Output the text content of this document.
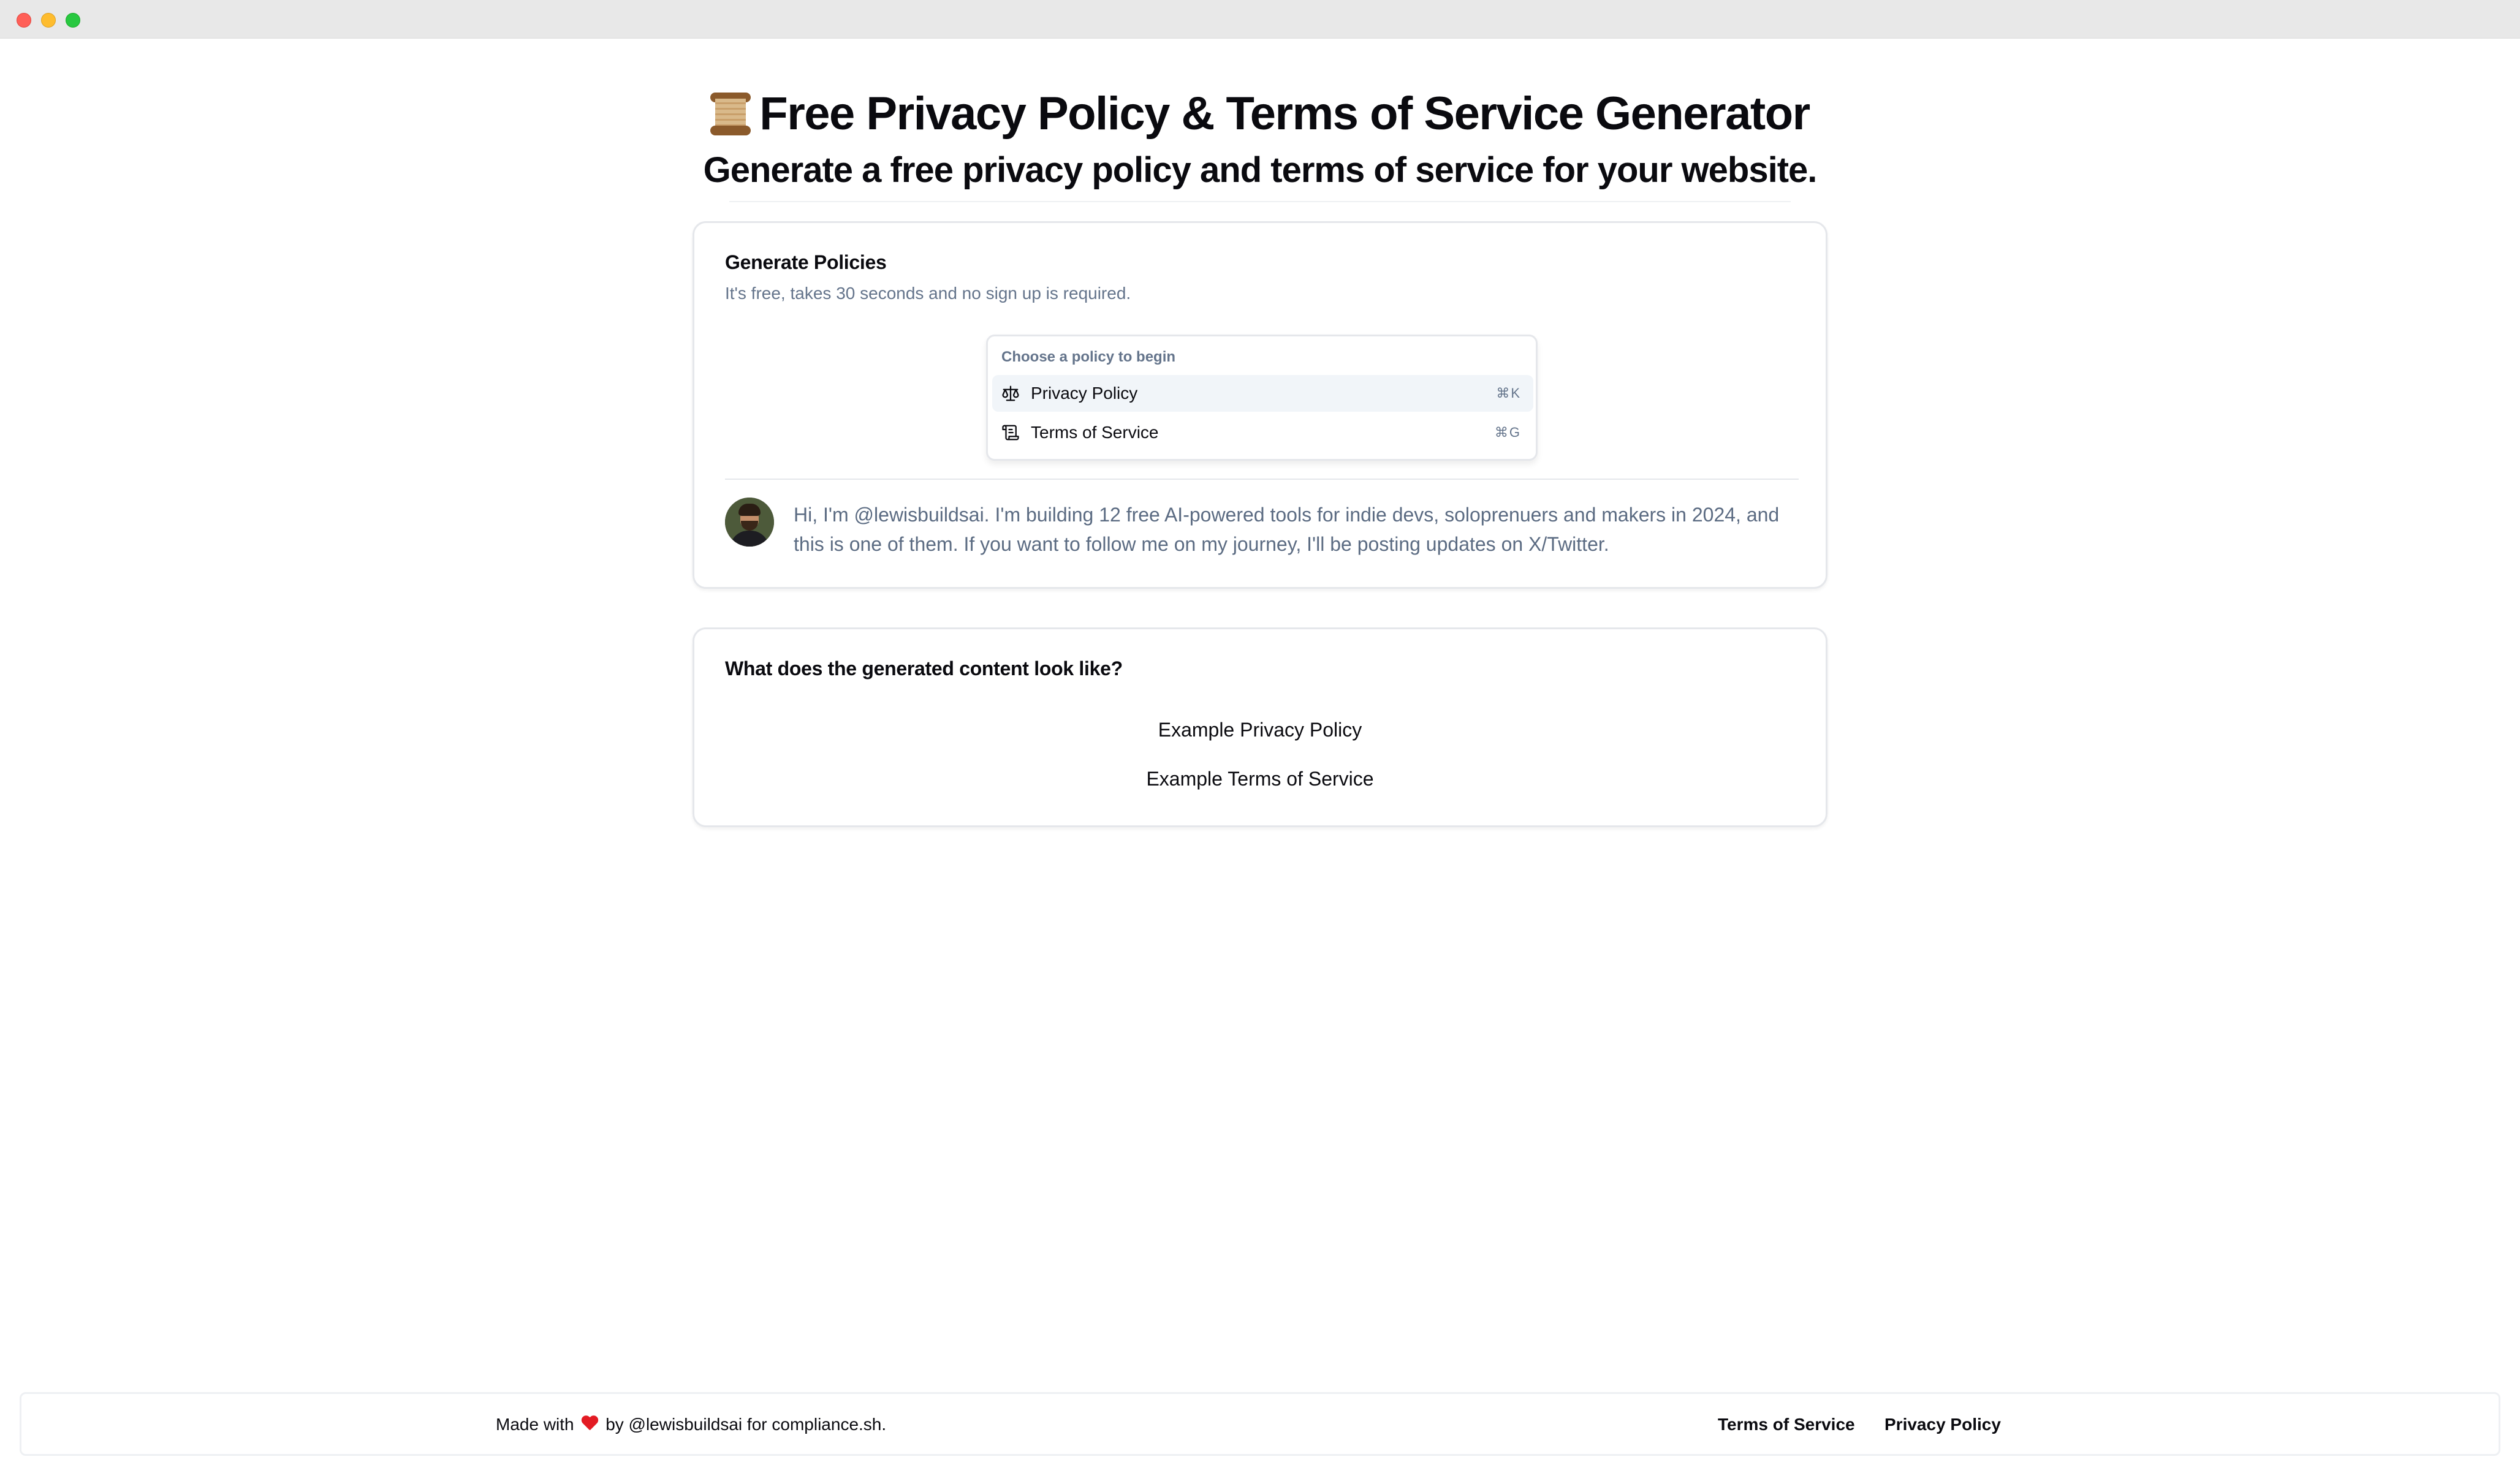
Free Privacy Policy & Terms of Service Generator
Generate a free privacy policy and terms of service for your website.
Generate Policies
It's free, takes 30 seconds and no sign up is required.
Choose a policy to begin
Privacy Policy	⌘K
Terms of Service	⌘G
Hi, I'm @lewisbuildsai. I'm building 12 free AI-powered tools for indie devs, soloprenuers and makers in 2024, and this is one of them. If you want to follow me on my journey, I'll be posting updates on X/Twitter.
What does the generated content look like?
Example Privacy Policy
Example Terms of Service
Made with by @lewisbuildsai for compliance.sh.	Terms of Service Privacy Policy
